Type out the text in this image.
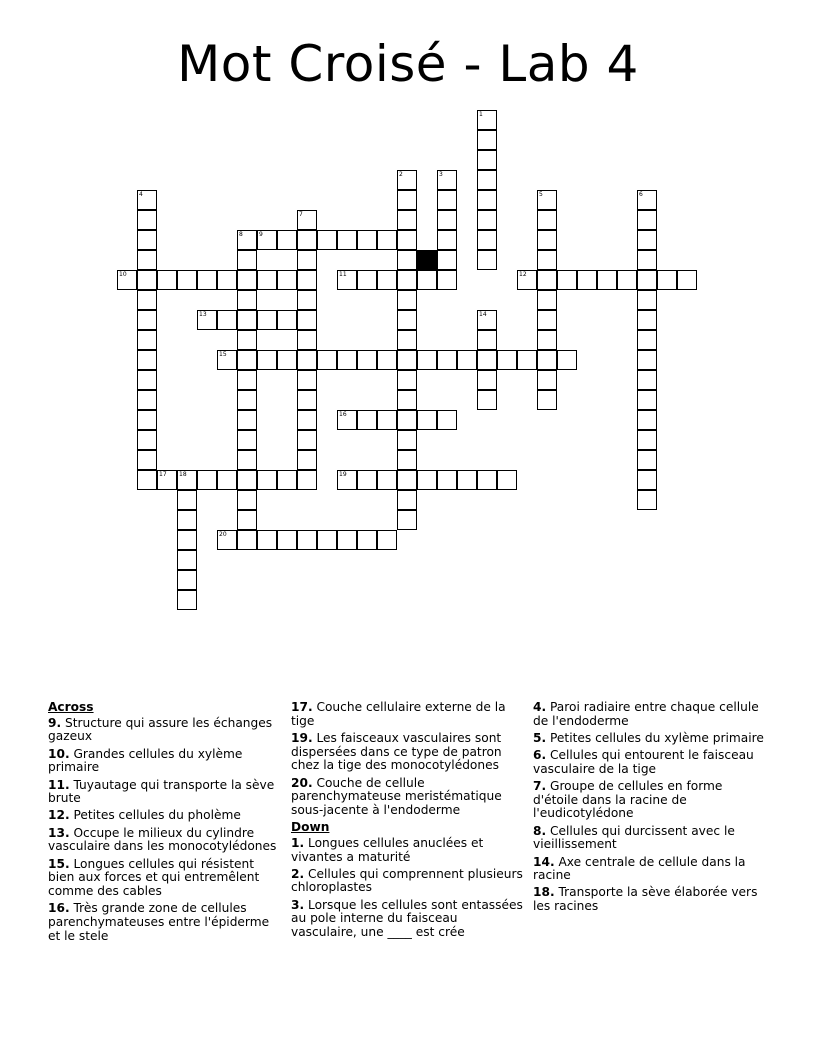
Mot Croisé - Lab 4
9
10	11	12
13
15
16
17 18	19
20
1
2	3
4	5	6
7
8
14
Across
9. Structure qui assure les échanges gazeux
10. Grandes cellules du xylème primaire
11. Tuyautage qui transporte la sève brute
12. Petites cellules du pholème
13. Occupe le milieux du cylindre vasculaire dans les monocotylédones
15. Longues cellules qui résistent bien aux forces et qui entremêlent comme des cables
16. Très grande zone de cellules parenchymateuses entre l'épiderme et le stele
17. Couche cellulaire externe de la tige
19. Les faisceaux vasculaires sont dispersées dans ce type de patron chez la tige des monocotylédones
20. Couche de cellule parenchymateuse meristématique sous-jacente à l'endoderme
Down
1. Longues cellules anuclées et vivantes a maturité
2. Cellules qui comprennent plusieurs chloroplastes
3. Lorsque les cellules sont entassées au pole interne du faisceau vasculaire, une ____ est crée
4. Paroi radiaire entre chaque cellule de l'endoderme
5. Petites cellules du xylème primaire
6. Cellules qui entourent le faisceau vasculaire de la tige
7. Groupe de cellules en forme d'étoile dans la racine de l'eudicotylédone
8. Cellules qui durcissent avec le vieillissement
14. Axe centrale de cellule dans la racine
18. Transporte la sève élaborée vers les racines
